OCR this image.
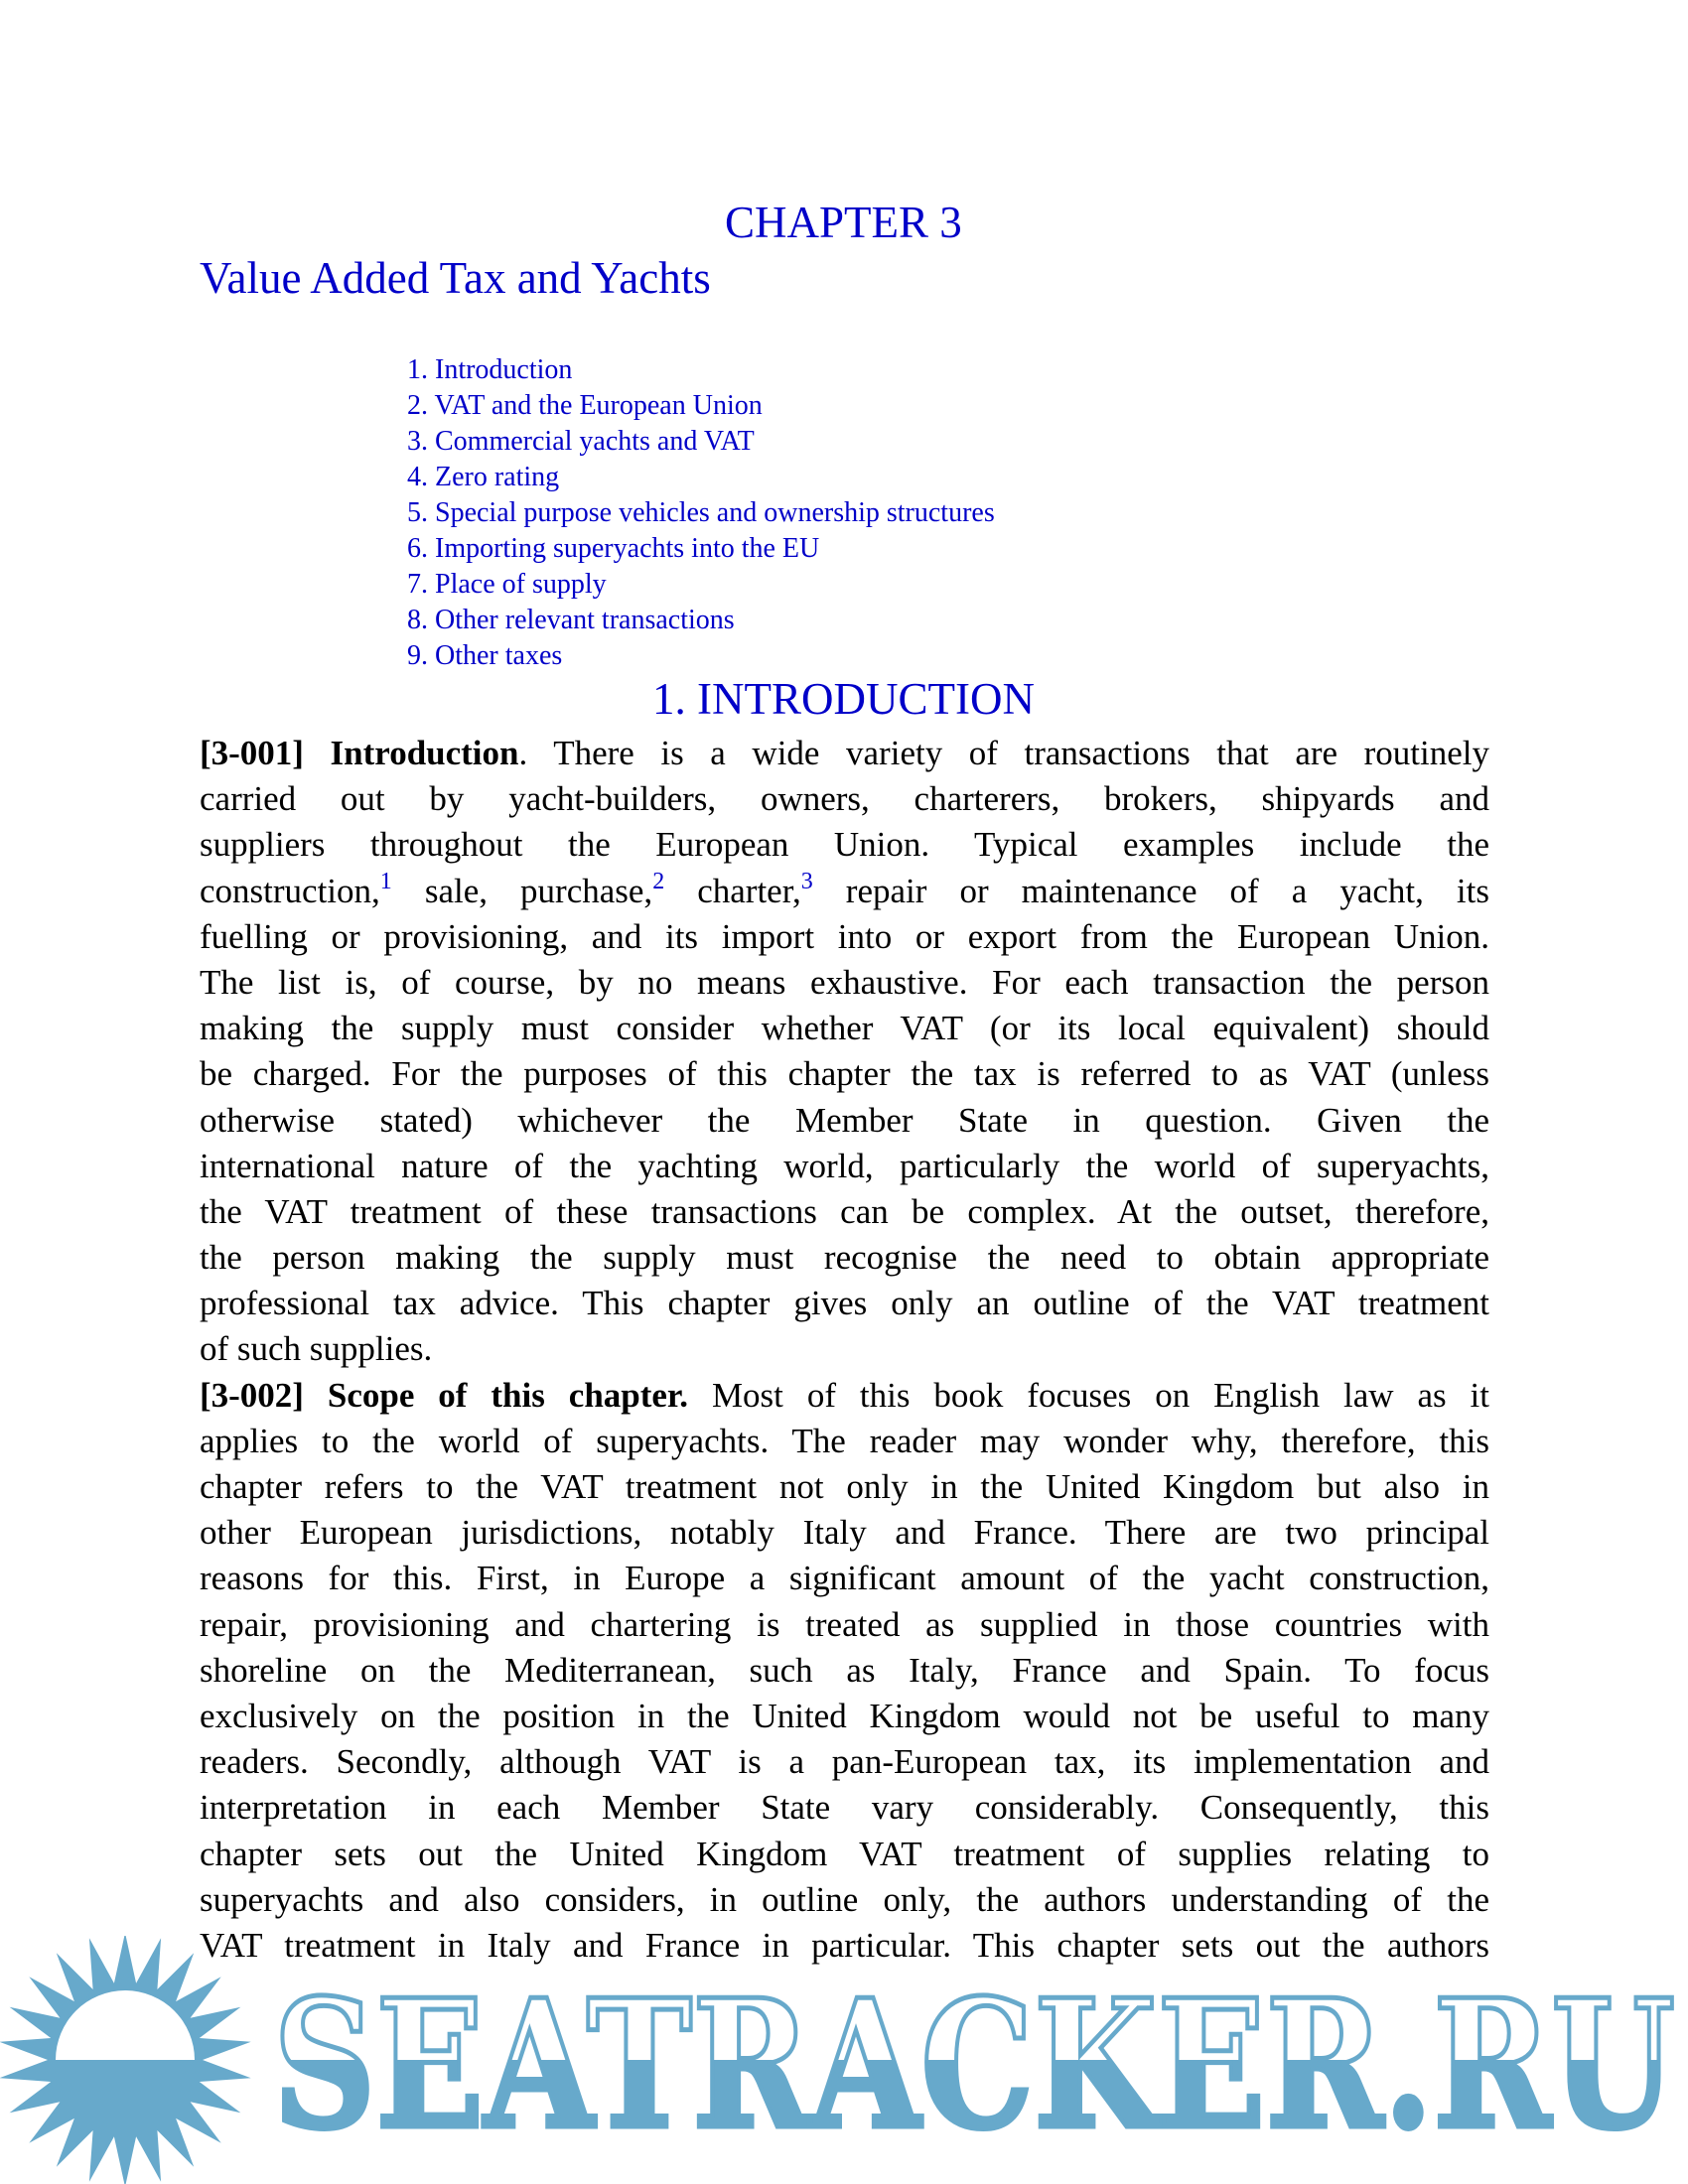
CHAPTER 3
Value Added Tax and Yachts
1. Introduction
2. VAT and the European Union
3. Commercial yachts and VAT
4. Zero rating
5. Special purpose vehicles and ownership structures
6. Importing superyachts into the EU
7. Place of supply
8. Other relevant transactions
9. Other taxes
1. INTRODUCTION
[3-001] Introduction. There is a wide variety of transactions that are routinely
carried out by yacht-builders, owners, charterers, brokers, shipyards and
suppliers throughout the European Union. Typical examples include the
construction,$^1$ sale, purchase,$^2$ charter,$^3$ repair or maintenance of a yacht, its
fuelling or provisioning, and its import into or export from the European Union.
The list is, of course, by no means exhaustive. For each transaction the person
making the supply must consider whether VAT (or its local equivalent) should
be charged. For the purposes of this chapter the tax is referred to as VAT (unless
otherwise stated) whichever the Member State in question. Given the
international nature of the yachting world, particularly the world of superyachts,
the VAT treatment of these transactions can be complex. At the outset, therefore,
the person making the supply must recognise the need to obtain appropriate
professional tax advice. This chapter gives only an outline of the VAT treatment
of such supplies.
[3-002] Scope of this chapter. Most of this book focuses on English law as it
applies to the world of superyachts. The reader may wonder why, therefore, this
chapter refers to the VAT treatment not only in the United Kingdom but also in
other European jurisdictions, notably Italy and France. There are two principal
reasons for this. First, in Europe a significant amount of the yacht construction,
repair, provisioning and chartering is treated as supplied in those countries with
shoreline on the Mediterranean, such as Italy, France and Spain. To focus
exclusively on the position in the United Kingdom would not be useful to many
readers. Secondly, although VAT is a pan-European tax, its implementation and
interpretation in each Member State vary considerably. Consequently, this
chapter sets out the United Kingdom VAT treatment of supplies relating to
superyachts and also considers, in outline only, the authors understanding of the
VAT treatment in Italy and France in particular. This chapter sets out the authors
SEATRACKER.RU
